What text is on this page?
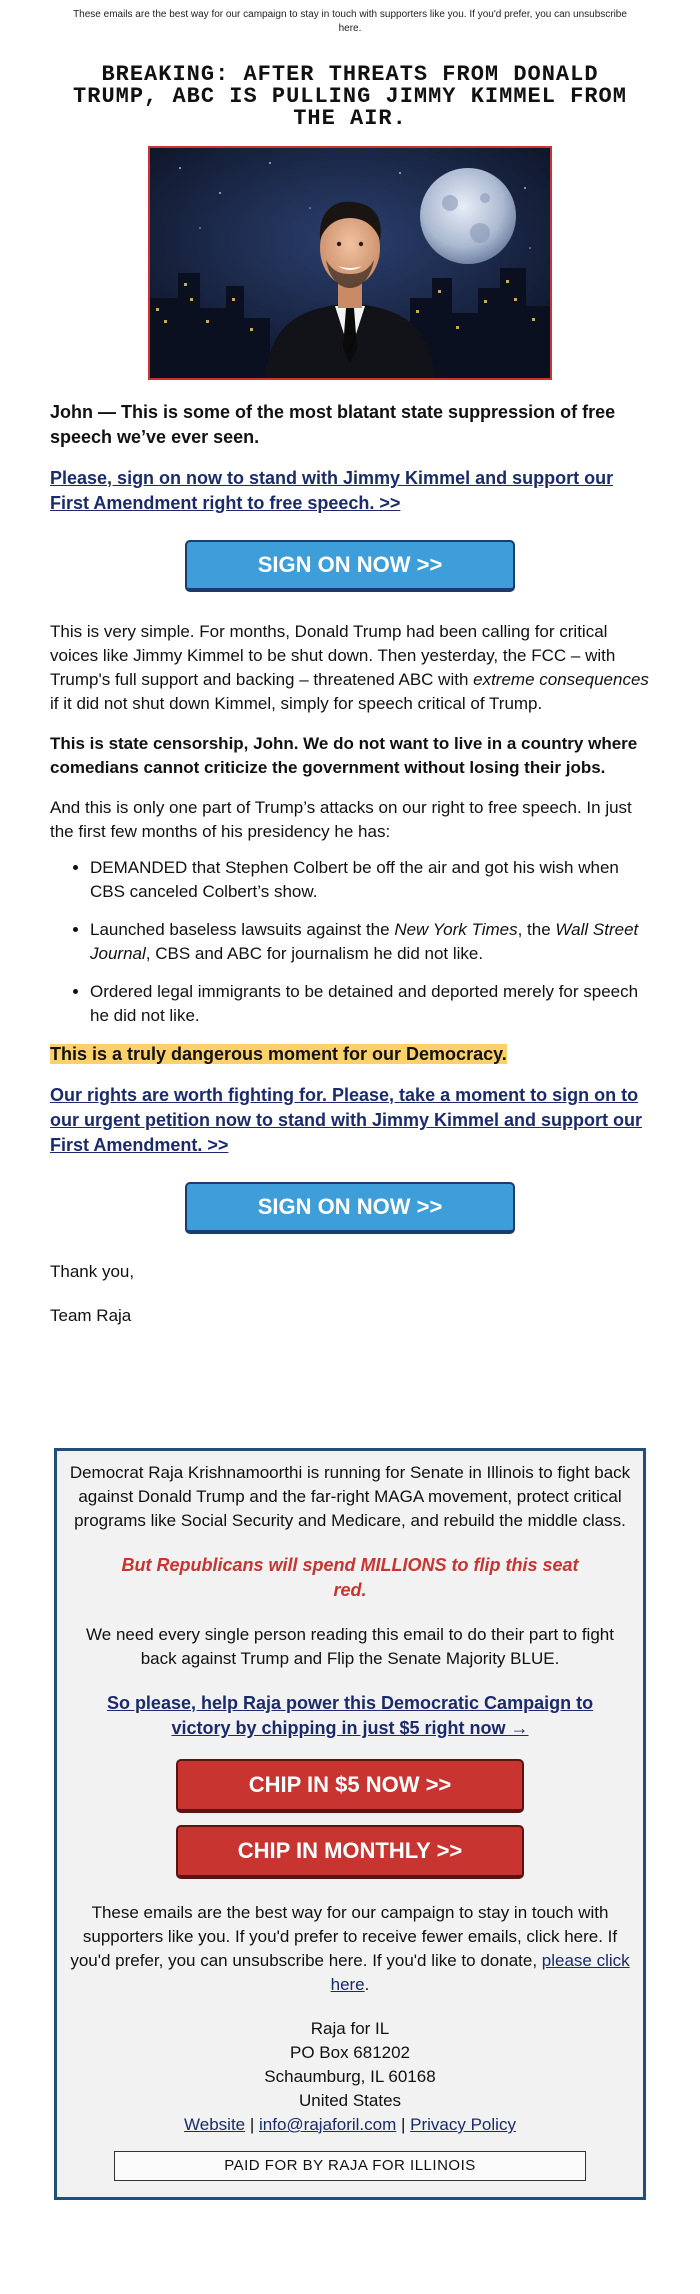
These emails are the best way for our campaign to stay in touch with supporters like you. If you'd prefer, you can unsubscribe here.
BREAKING: AFTER THREATS FROM DONALD TRUMP, ABC IS PULLING JIMMY KIMMEL FROM THE AIR.

John — This is some of the most blatant state suppression of free speech we’ve ever seen.

Please, sign on now to stand with Jimmy Kimmel and support our First Amendment right to free speech. >>
SIGN ON NOW >>

This is very simple. For months, Donald Trump had been calling for critical voices like Jimmy Kimmel to be shut down. Then yesterday, the FCC – with Trump's full support and backing – threatened ABC with extreme consequences if it did not shut down Kimmel, simply for speech critical of Trump.

This is state censorship, John. We do not want to live in a country where comedians cannot criticize the government without losing their jobs.

And this is only one part of Trump’s attacks on our right to free speech. In just the first few months of his presidency he has:

• DEMANDED that Stephen Colbert be off the air and got his wish when CBS canceled Colbert’s show.
• Launched baseless lawsuits against the New York Times, the Wall Street Journal, CBS and ABC for journalism he did not like.
• Ordered legal immigrants to be detained and deported merely for speech he did not like.

This is a truly dangerous moment for our Democracy.

Our rights are worth fighting for. Please, take a moment to sign on to our urgent petition now to stand with Jimmy Kimmel and support our First Amendment. >>
SIGN ON NOW >>

Thank you,

Team Raja

Democrat Raja Krishnamoorthi is running for Senate in Illinois to fight back against Donald Trump and the far-right MAGA movement, protect critical programs like Social Security and Medicare, and rebuild the middle class.

But Republicans will spend MILLIONS to flip this seat red.

We need every single person reading this email to do their part to fight back against Trump and Flip the Senate Majority BLUE.

So please, help Raja power this Democratic Campaign to victory by chipping in just $5 right now →
CHIP IN $5 NOW >>
CHIP IN MONTHLY >>

These emails are the best way for our campaign to stay in touch with supporters like you. If you'd prefer to receive fewer emails, click here. If you'd prefer, you can unsubscribe here. If you'd like to donate, please click here.

Raja for IL
PO Box 681202
Schaumburg, IL 60168
United States
Website | info@rajaforil.com | Privacy Policy
PAID FOR BY RAJA FOR ILLINOIS
